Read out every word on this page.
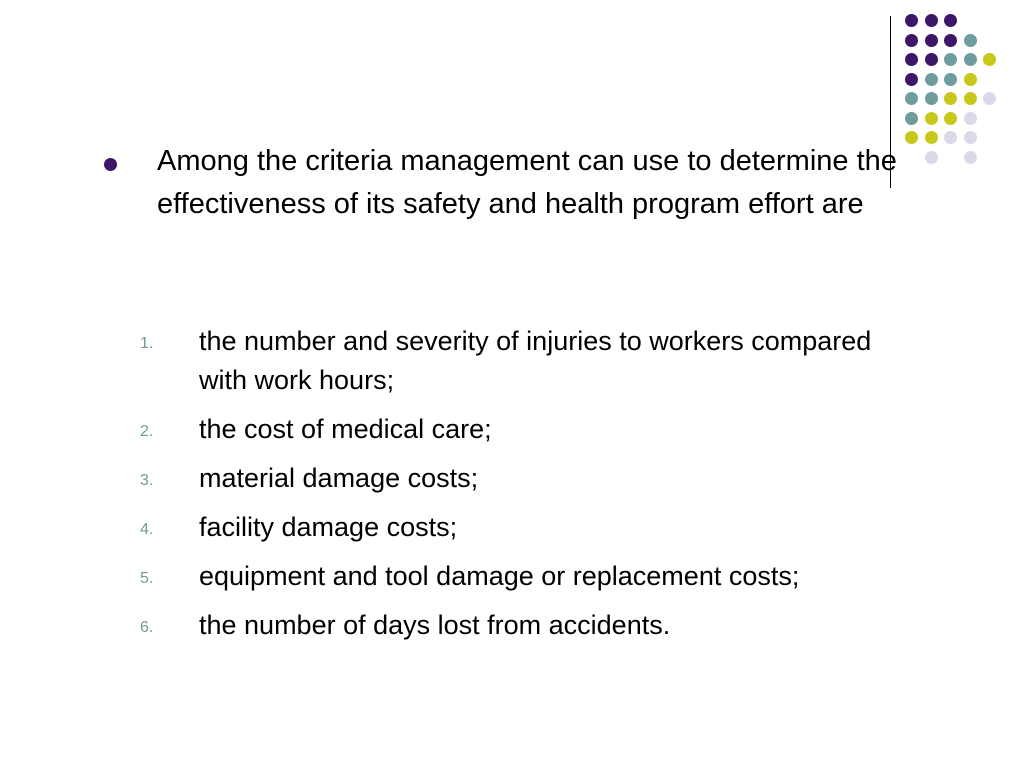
Among the criteria management can use to determine the effectiveness of its safety and health program effort are
1. the number and severity of injuries to workers compared with work hours;
2. the cost of medical care;
3. material damage costs;
4. facility damage costs;
5. equipment and tool damage or replacement costs;
6. the number of days lost from accidents.
